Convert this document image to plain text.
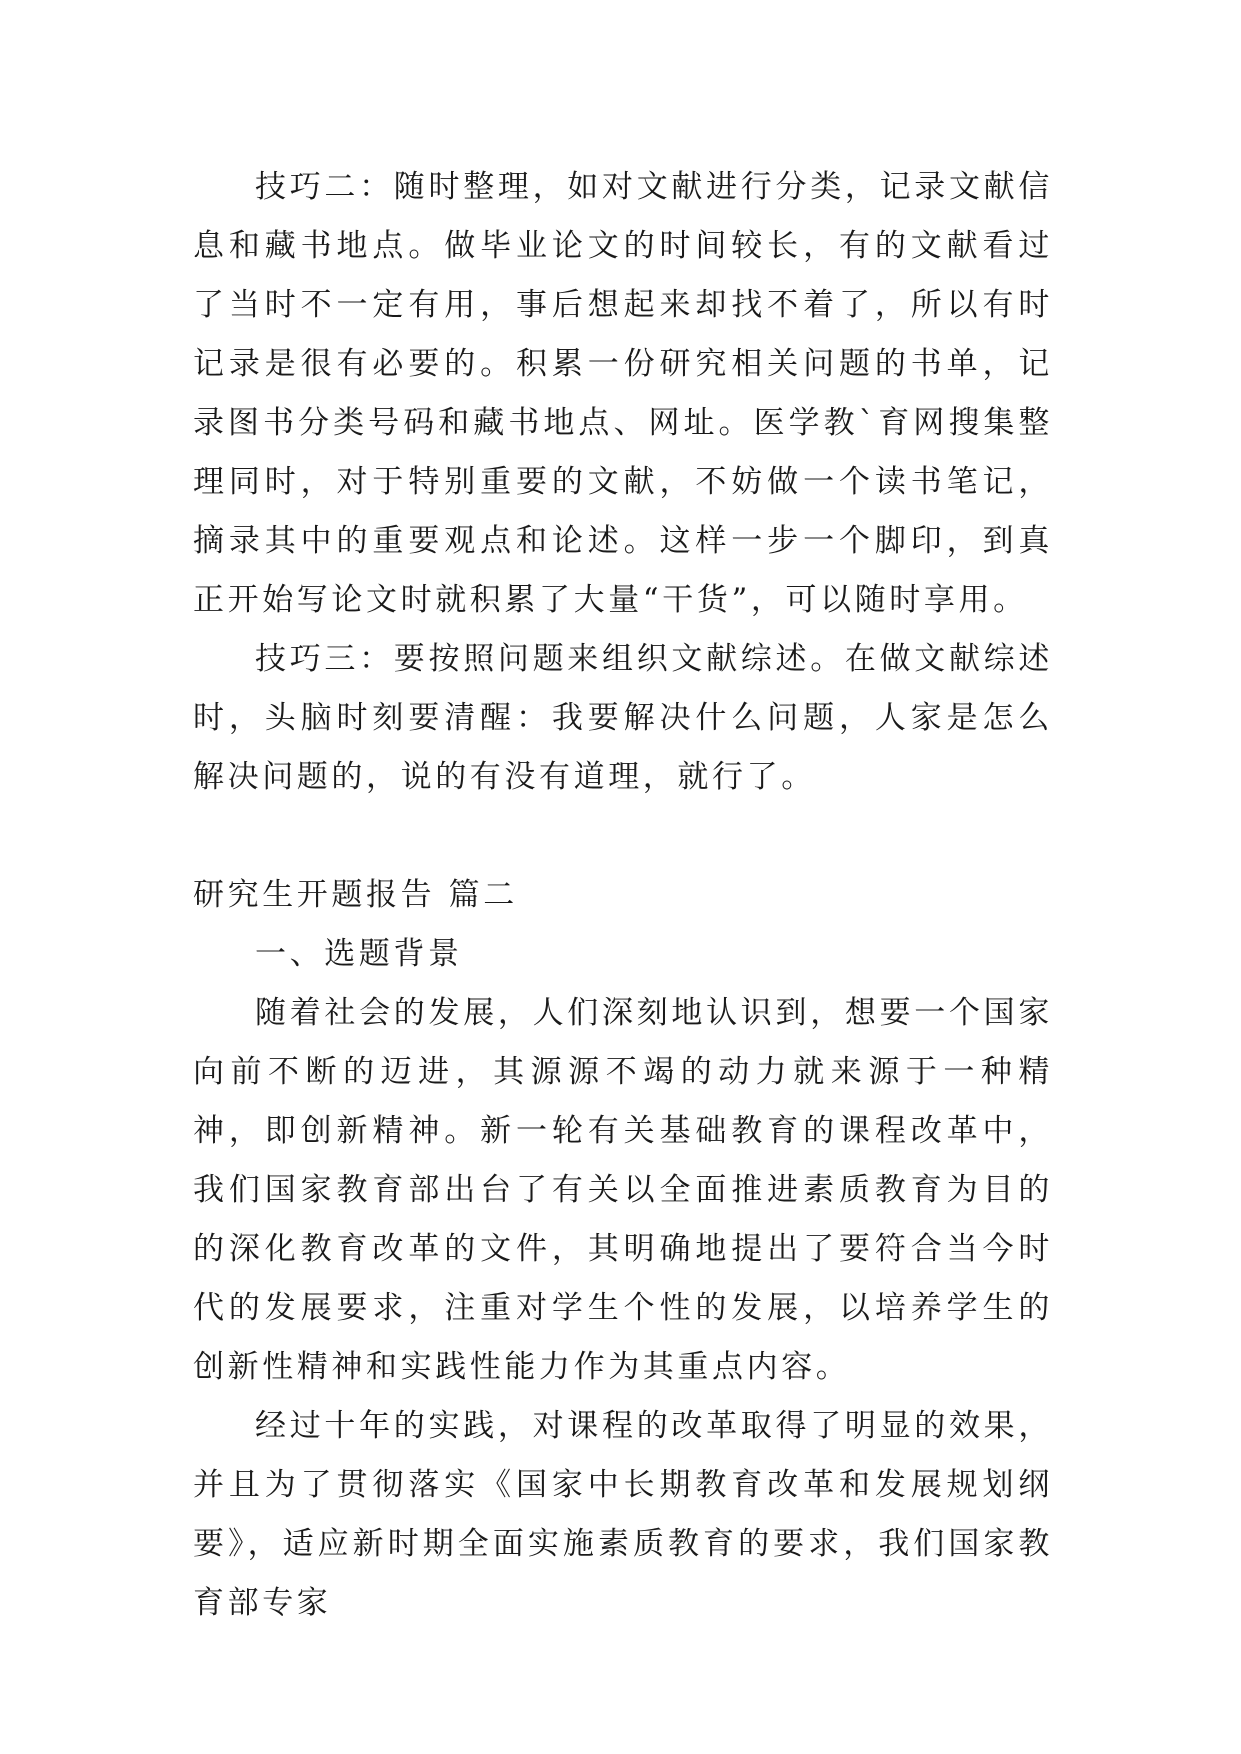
技巧二：随时整理，如对文献进行分类，记录文献信息和藏书地点。做毕业论文的时间较长，有的文献看过了当时不一定有用，事后想起来却找不着了，所以有时记录是很有必要的。积累一份研究相关问题的书单，记录图书分类号码和藏书地点、网址。医学教`育网搜集整理同时，对于特别重要的文献，不妨做一个读书笔记，摘录其中的重要观点和论述。这样一步一个脚印，到真正开始写论文时就积累了大量“干货”，可以随时享用。

技巧三：要按照问题来组织文献综述。在做文献综述时，头脑时刻要清醒：我要解决什么问题，人家是怎么解决问题的，说的有没有道理，就行了。

研究生开题报告 篇二

一、选题背景

随着社会的发展，人们深刻地认识到，想要一个国家向前不断的迈进，其源源不竭的动力就来源于一种精神，即创新精神。新一轮有关基础教育的课程改革中，我们国家教育部出台了有关以全面推进素质教育为目的的深化教育改革的文件，其明确地提出了要符合当今时代的发展要求，注重对学生个性的发展，以培养学生的创新性精神和实践性能力作为其重点内容。

经过十年的实践，对课程的改革取得了明显的效果，并且为了贯彻落实《国家中长期教育改革和发展规划纲要》，适应新时期全面实施素质教育的要求，我们国家教育部专家
